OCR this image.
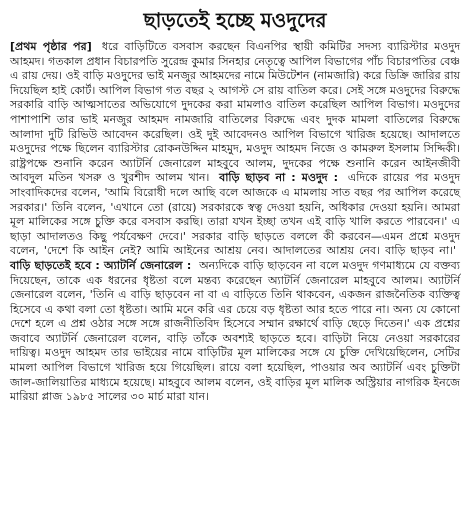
ছাড়তেই হচ্ছে মওদুদের

[প্রথম পৃষ্ঠার পর] ধরে বাড়িটিতে বসবাস করছেন বিএনপির স্থায়ী কমিটির সদস্য ব্যারিস্টার মওদুদ আহমদ। গতকাল প্রধান বিচারপতি সুরেন্দ্র কুমার সিনহার নেতৃত্বে আপিল বিভাগের পাঁচ বিচারপতির বেঞ্চ এ রায় দেয়। ওই বাড়ি মওদুদের ভাই মনজুর আহমদের নামে মিউটেশন (নামজারি) করে ডিক্রি জারির রায় দিয়েছিল হাই কোর্ট। আপিল বিভাগ গত বছর ২ আগস্ট সে রায় বাতিল করে। সেই সঙ্গে মওদুদের বিরুদ্ধে সরকারি বাড়ি আত্মসাতের অভিযোগে দুদকের করা মামলাও বাতিল করেছিল আপিল বিভাগ। মওদুদের পাশাপাশি তার ভাই মনজুর আহমদ নামজারি বাতিলের বিরুদ্ধে এবং দুদক মামলা বাতিলের বিরুদ্ধে আলাদা দুটি রিভিউ আবেদন করেছিল। ওই দুই আবেদনও আপিল বিভাগে খারিজ হয়েছে। আদালতে মওদুদের পক্ষে ছিলেন ব্যারিস্টার রোকনউদ্দিন মাহমুদ, মওদুদ আহমদ নিজে ও কামরুল ইসলাম সিদ্দিকী। রাষ্ট্রপক্ষে শুনানি করেন অ্যাটর্নি জেনারেল মাহবুবে আলম, দুদকের পক্ষে শুনানি করেন আইনজীবী আবদুল মতিন খসরু ও খুরশীদ আলম খান। বাড়ি ছাড়ব না : মওদুদ : এদিকে রায়ের পর মওদুদ সাংবাদিকদের বলেন, 'আমি বিরোধী দলে আছি বলে আজকে এ মামলায় সাত বছর পর আপিল করেছে সরকার।' তিনি বলেন, 'এখানে তো (রায়ে) সরকারকে স্বত্ব দেওয়া হয়নি, অধিকার দেওয়া হয়নি। আমরা মূল মালিকের সঙ্গে চুক্তি করে বসবাস করছি। তারা যখন ইচ্ছা তখন এই বাড়ি খালি করতে পারবেন।' এ ছাড়া আদালতও কিছু পর্যবেক্ষণ দেবে।' সরকার বাড়ি ছাড়তে বললে কী করবেন—এমন প্রশ্নে মওদুদ বলেন, 'দেশে কি আইন নেই? আমি আইনের আশ্রয় নেব। আদালতের আশ্রয় নেব। বাড়ি ছাড়ব না।' বাড়ি ছাড়তেই হবে : অ্যাটর্নি জেনারেল : অন্যদিকে বাড়ি ছাড়বেন না বলে মওদুদ গণমাধ্যমে যে বক্তব্য দিয়েছেন, তাকে এক ধরনের ধৃষ্টতা বলে মন্তব্য করেছেন অ্যাটর্নি জেনারেল মাহবুবে আলম। অ্যাটর্নি জেনারেল বলেন, 'তিনি এ বাড়ি ছাড়বেন না বা এ বাড়িতে তিনি থাকবেন, একজন রাজনৈতিক ব্যক্তিত্ব হিসেবে এ কথা বলা তো ধৃষ্টতা। আমি মনে করি এর চেয়ে বড় ধৃষ্টতা আর হতে পারে না। অন্য যে কোনো দেশে হলে এ প্রশ্ন ওঠার সঙ্গে সঙ্গে রাজনীতিবিদ হিসেবে সম্মান রক্ষার্থে বাড়ি ছেড়ে দিতেন।' এক প্রশ্নের জবাবে অ্যাটর্নি জেনারেল বলেন, বাড়ি তাঁকে অবশ্যই ছাড়তে হবে। বাড়িটা নিয়ে নেওয়া সরকারের দায়িত্ব। মওদুদ আহমদ তার ভাইয়ের নামে বাড়িটির মূল মালিকের সঙ্গে যে চুক্তি দেখিয়েছিলেন, সেটির মামলা আপিল বিভাগে খারিজ হয়ে গিয়েছিল। রায়ে বলা হয়েছিল, পাওয়ার অব অ্যাটর্নি এবং চুক্তিটা জাল-জালিয়াতির মাধ্যমে হয়েছে। মাহবুবে আলম বলেন, ওই বাড়ির মূল মালিক অস্ট্রিয়ার নাগরিক ইনজে মারিয়া প্লাজ ১৯৮৫ সালের ৩০ মার্চ মারা যান।
